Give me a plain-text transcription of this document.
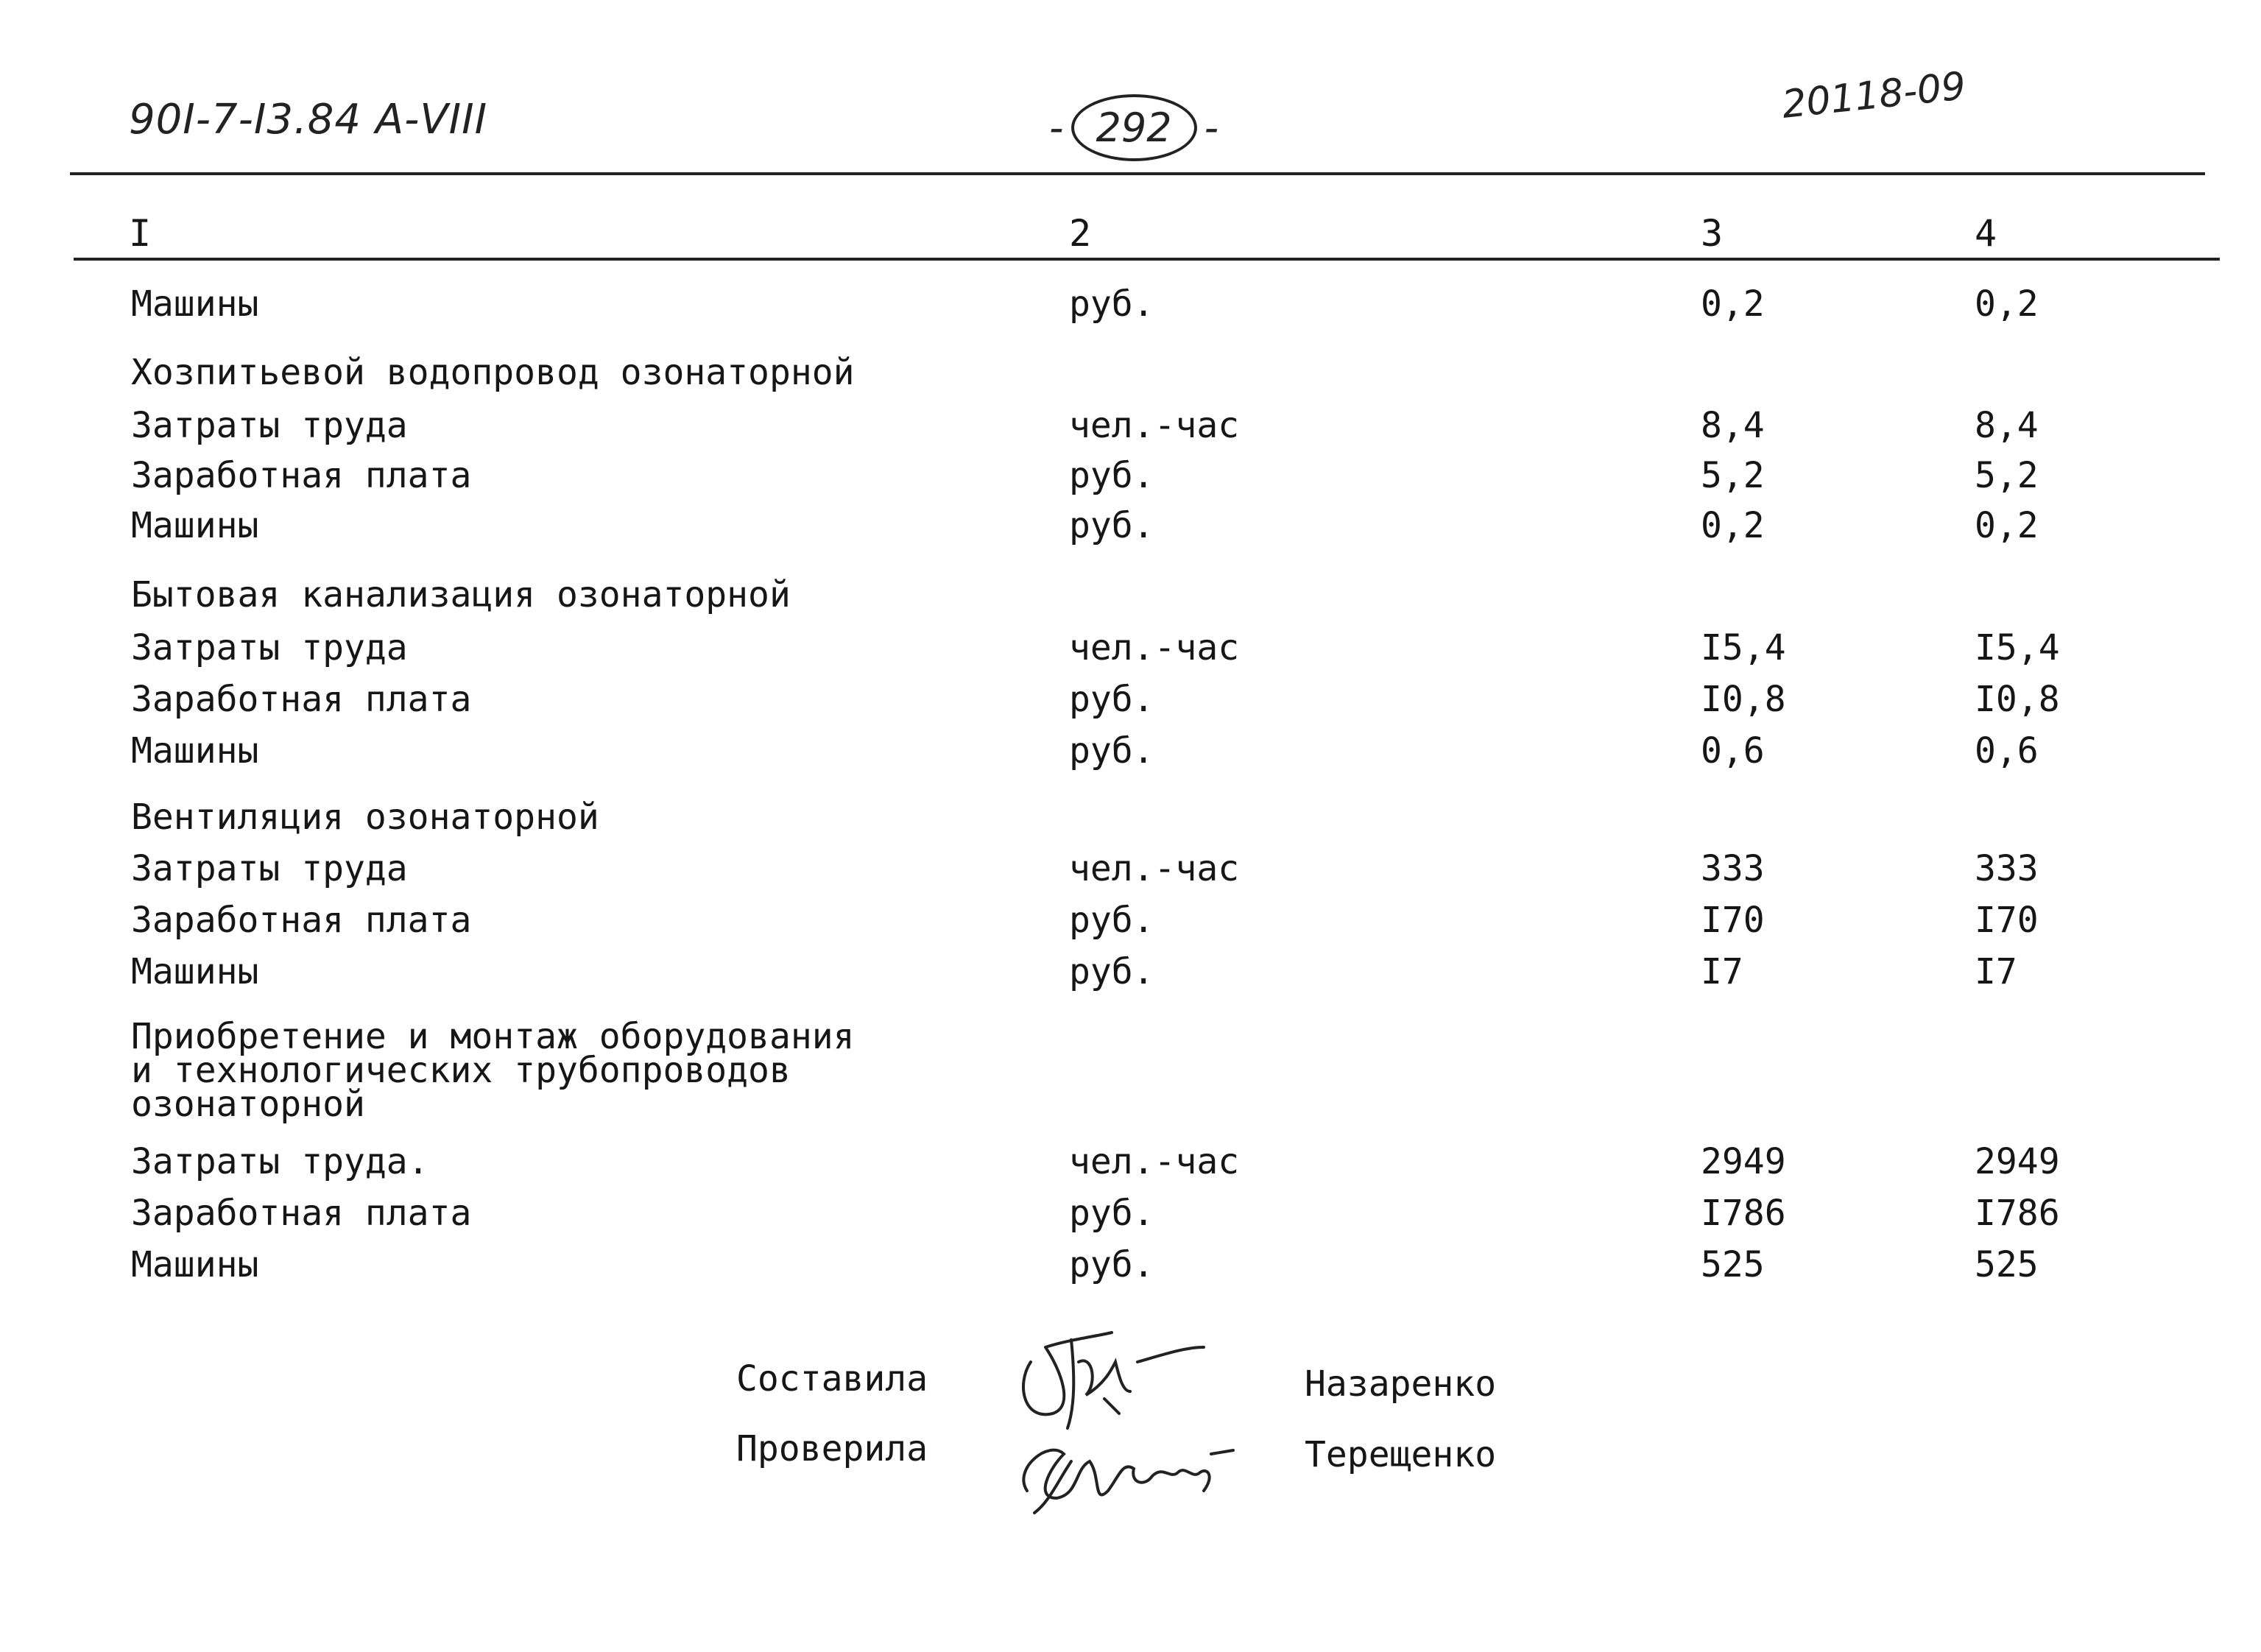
90I-7-I3.84 А-VIII	- 292 -
20118-09
I	2	3	4
Машины	руб.	0,2	0,2
Хозпитьевой водопровод озонаторной
Затраты труда	чел.-час	8,4	8,4
Заработная плата	руб.	5,2	5,2
Машины	руб.	0,2	0,2
Бытовая канализация озонаторной
Затраты труда	чел.-час	I5,4	I5,4
Заработная плата	руб.	I0,8	I0,8
Машины	руб.	0,6	0,6
Вентиляция озонаторной
Затраты труда	чел.-час	333	333
Заработная плата	руб.	I70	I70
Машины	руб.	I7	I7
Приобретение и монтаж оборудования
и технологических трубопроводов
озонаторной
Затраты труда.	чел.-час	2949	2949
Заработная плата	руб.	I786	I786
Машины	руб.	525	525
Составила	Назаренко
Проверила	Терещенко
